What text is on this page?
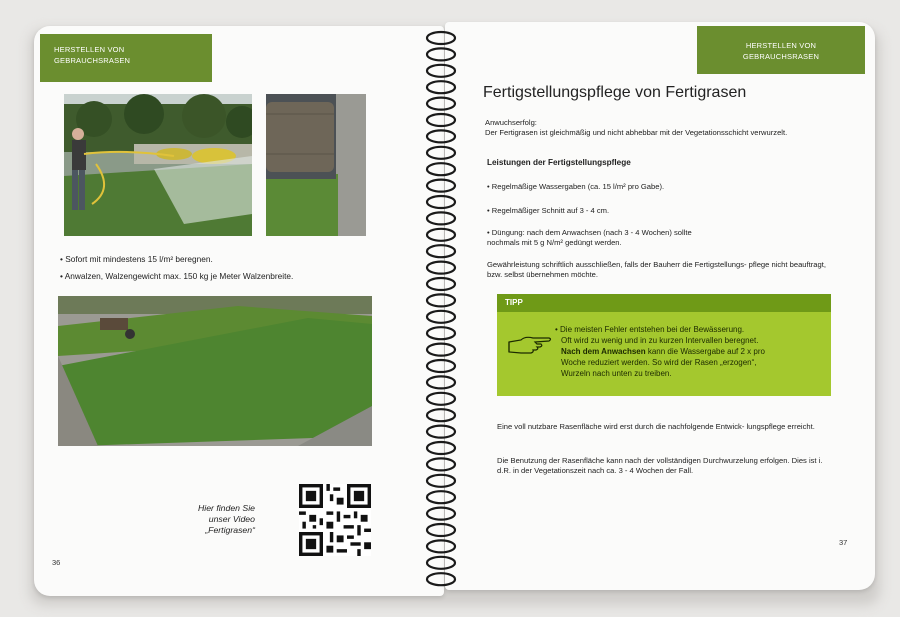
HERSTELLEN VON GEBRAUCHSRASEN
• Sofort mit mindestens 15 l/m² beregnen.
• Anwalzen, Walzengewicht max. 150 kg je Meter Walzenbreite.
Hier finden Sie
unser Video
„Fertigrasen“
36
HERSTELLEN VON GEBRAUCHSRASEN
Fertigstellungspflege von Fertigrasen
Anwuchserfolg:
Der Fertigrasen ist gleichmäßig und nicht abhebbar mit der Vegetationsschicht verwurzelt.
Leistungen der Fertigstellungspflege
• Regelmäßige Wassergaben (ca. 15 l/m² pro Gabe).
• Regelmäßiger Schnitt auf 3 - 4 cm.
• Düngung: nach dem Anwachsen (nach 3 - 4 Wochen) sollte nochmals mit 5 g N/m² gedüngt werden.
Gewährleistung schriftlich ausschließen, falls der Bauherr die Fertigstellungs- pflege nicht beauftragt, bzw. selbst übernehmen möchte.
TIPP
• Die meisten Fehler entstehen bei der Bewässerung.
Oft wird zu wenig und in zu kurzen Intervallen beregnet.
Nach dem Anwachsen kann die Wassergabe auf 2 x pro
Woche reduziert werden. So wird der Rasen „erzogen“,
Wurzeln nach unten zu treiben.
Eine voll nutzbare Rasenfläche wird erst durch die nachfolgende Entwick- lungspflege erreicht.
Die Benutzung der Rasenfläche kann nach der vollständigen Durchwurzelung erfolgen. Dies ist i. d.R. in der Vegetationszeit nach ca. 3 - 4 Wochen der Fall.
37
